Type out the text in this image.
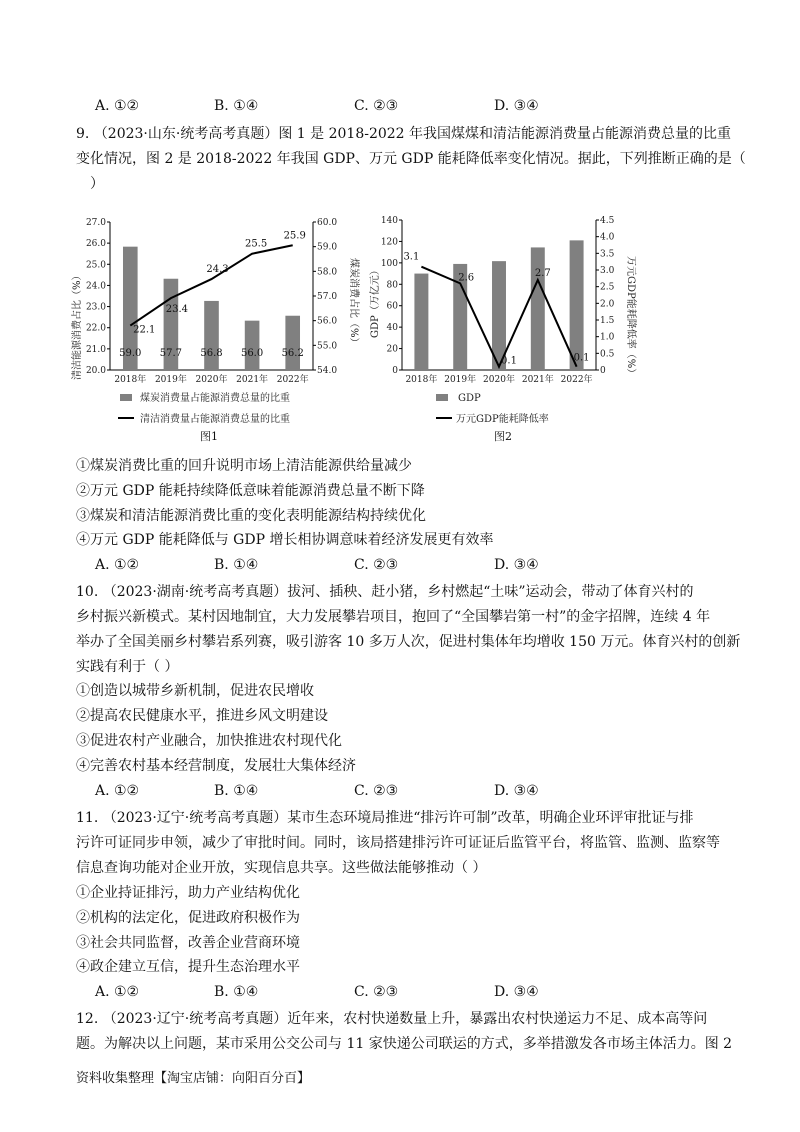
A. ①②	B. ①④	C. ②③	D. ③④
9. （2023·山东·统考高考真题）图 1 是 2018-2022 年我国煤煤和清洁能源消费量占能源消费总量的比重
变化情况，图 2 是 2018-2022 年我国 GDP、万元 GDP 能耗降低率变化情况。据此，下列推断正确的是（
）
20.0
21.0
22.0
23.0
24.0
25.0
26.0
27.0
54.0
55.0
56.0
57.0
58.0
59.0
60.0
59.0 57.7 56.8 56.0 56.2
22.1
23.4
24.3
25.5
25.9
2018年 2019年 2020年 2021年 2022年
清洁能源消费占比（%）	煤炭消费占比（%）
煤炭消费量占能源消费总量的比重
清洁消费量占能源消费总量的比重
图1
0
20
40
60
80
100
120
140
0
0.5
1.0
1.5
2.0
2.5
3.0
3.5
4.0
4.5
3.1
2.6
0.1
2.7
0.1
2018年 2019年 2020年 2021年 2022年
GDP（万亿元）	万元GDP能耗降低率（%）
GDP
万元GDP能耗降低率
图2
①煤炭消费比重的回升说明市场上清洁能源供给量减少
②万元 GDP 能耗持续降低意味着能源消费总量不断下降
③煤炭和清洁能源消费比重的变化表明能源结构持续优化
④万元 GDP 能耗降低与 GDP 增长相协调意味着经济发展更有效率
A. ①②	B. ①④	C. ②③	D. ③④
10. （2023·湖南·统考高考真题）拔河、插秧、赶小猪，乡村燃起“土味”运动会，带动了体育兴村的
乡村振兴新模式。某村因地制宜，大力发展攀岩项目，抱回了“全国攀岩第一村”的金字招牌，连续 4 年
举办了全国美丽乡村攀岩系列赛，吸引游客 10 多万人次，促进村集体年均增收 150 万元。体育兴村的创新
实践有利于（ ）
①创造以城带乡新机制，促进农民增收
②提高农民健康水平，推进乡风文明建设
③促进农村产业融合，加快推进农村现代化
④完善农村基本经营制度，发展壮大集体经济
A. ①②	B. ①④	C. ②③	D. ③④
11. （2023·辽宁·统考高考真题）某市生态环境局推进“排污许可制”改革，明确企业环评审批证与排
污许可证同步申领，减少了审批时间。同时，该局搭建排污许可证证后监管平台，将监管、监测、监察等
信息查询功能对企业开放，实现信息共享。这些做法能够推动（ ）
①企业持证排污，助力产业结构优化
②机构的法定化，促进政府积极作为
③社会共同监督，改善企业营商环境
④政企建立互信，提升生态治理水平
A. ①②	B. ①④	C. ②③	D. ③④
12. （2023·辽宁·统考高考真题）近年来，农村快递数量上升，暴露出农村快递运力不足、成本高等问
题。为解决以上问题，某市采用公交公司与 11 家快递公司联运的方式，多举措激发各市场主体活力。图 2
资料收集整理【淘宝店铺：向阳百分百】
